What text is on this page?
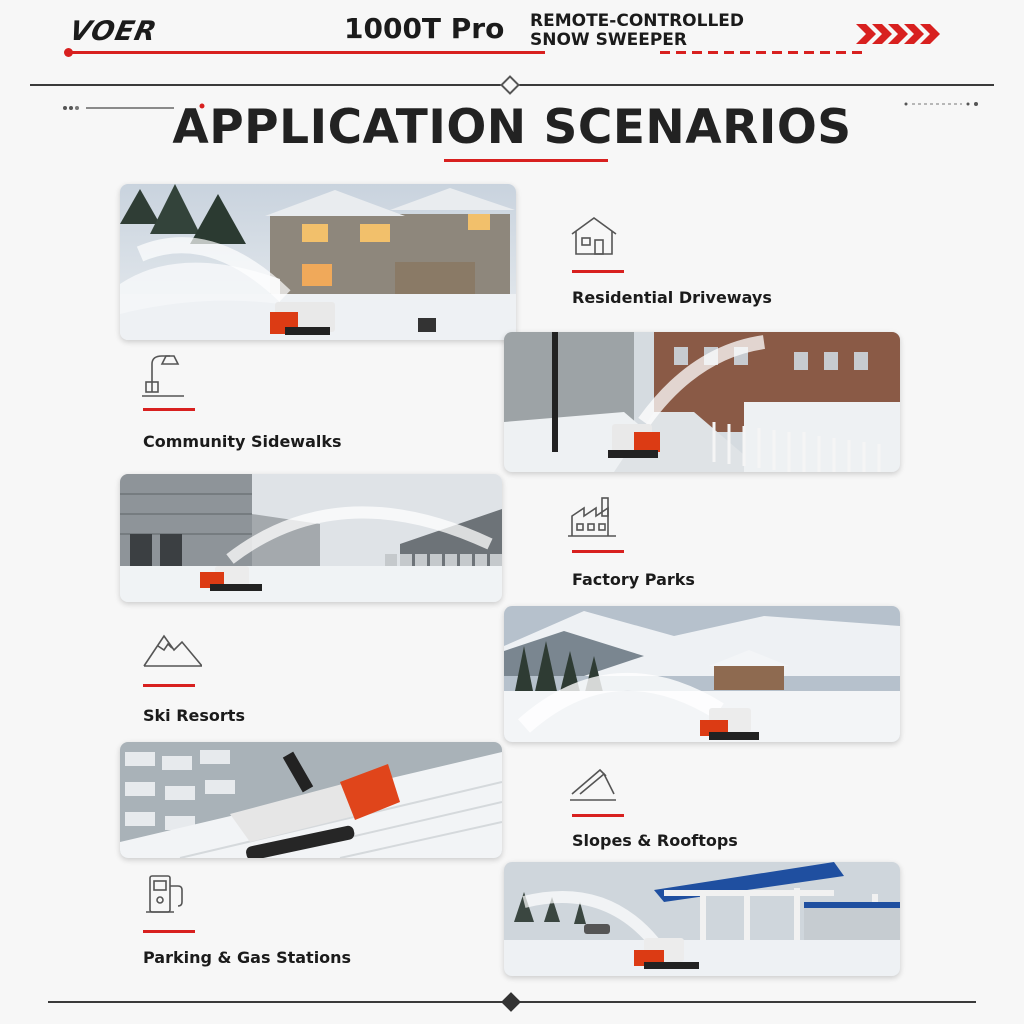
VOER	1000T Pro REMOTE-CONTROLLED
SNOW SWEEPER
APPLICATION SCENARIOS
Residential Driveways
Community Sidewalks
Factory Parks
Ski Resorts
Slopes & Rooftops
Parking & Gas Stations
